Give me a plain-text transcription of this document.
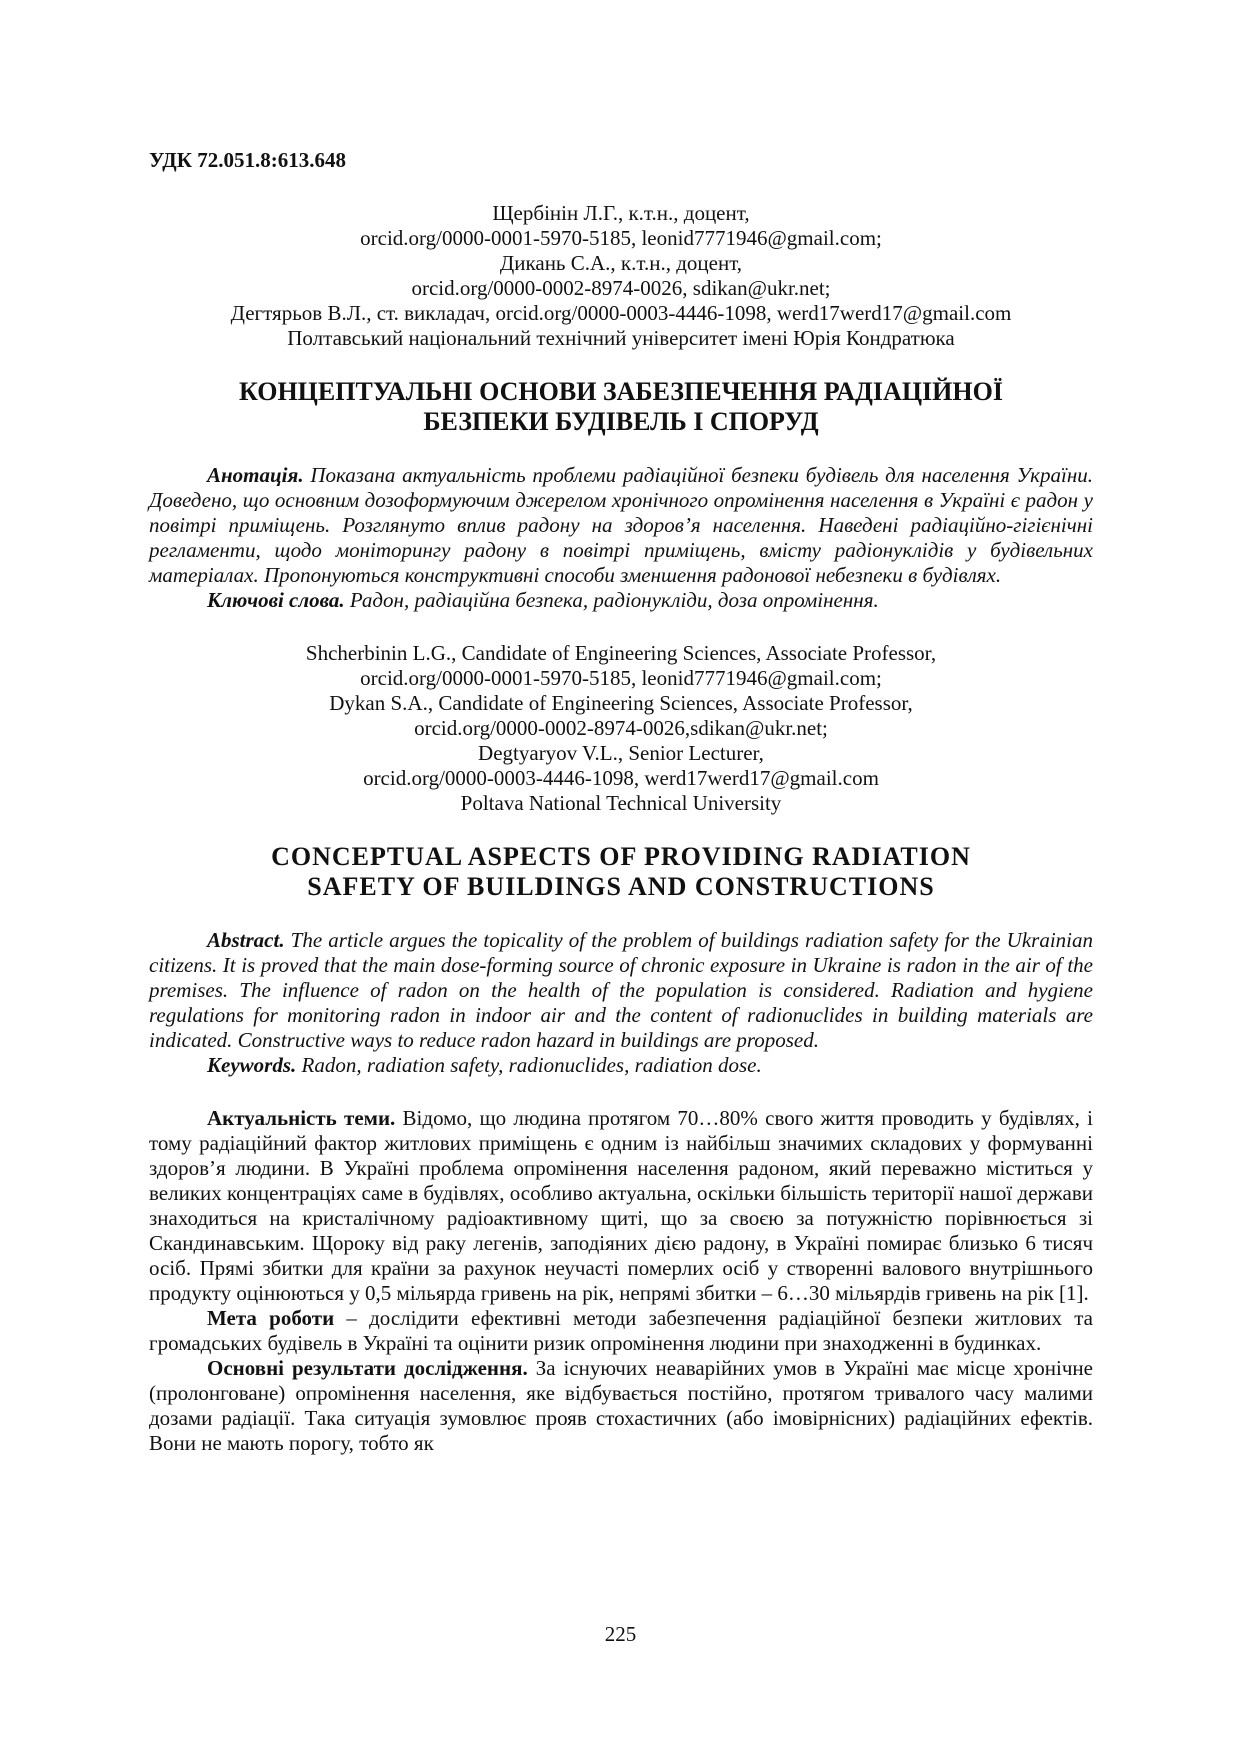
УДК 72.051.8:613.648

Щербінін Л.Г., к.т.н., доцент,

orcid.org/0000-0001-5970-5185, leonid7771946@gmail.com;

Дикань С.А., к.т.н., доцент,

orcid.org/0000-0002-8974-0026, sdikan@ukr.net;

Дегтярьов В.Л., ст. викладач, orcid.org/0000-0003-4446-1098, werd17werd17@gmail.com

Полтавський національний технічний університет імені Юрія Кондратюка

КОНЦЕПТУАЛЬНІ ОСНОВИ ЗАБЕЗПЕЧЕННЯ РАДІАЦІЙНОЇ

БЕЗПЕКИ БУДІВЕЛЬ І СПОРУД

Анотація. Показана актуальність проблеми радіаційної безпеки будівель для населення України. Доведено, що основним дозоформуючим джерелом хронічного опромінення населення в Україні є радон у повітрі приміщень. Розглянуто вплив радону на здоров’я населення. Наведені радіаційно-гігієнічні регламенти, щодо моніторингу радону в повітрі приміщень, вмісту радіонуклідів у будівельних матеріалах. Пропонуються конструктивні способи зменшення радонової небезпеки в будівлях.

Ключові слова. Радон, радіаційна безпека, радіонукліди, доза опромінення.

Shcherbinin L.G., Candidate of Engineering Sciences, Associate Professor,

orcid.org/0000-0001-5970-5185, leonid7771946@gmail.com;

Dykan S.A., Candidate of Engineering Sciences, Associate Professor,

orcid.org/0000-0002-8974-0026,sdikan@ukr.net;

Degtyaryov V.L., Senior Lecturer,

orcid.org/0000-0003-4446-1098, werd17werd17@gmail.com

Poltava National Technical University

CONCEPTUAL ASPECTS OF PROVIDING RADIATION

SAFETY OF BUILDINGS AND CONSTRUCTIONS

Abstract. The article argues the topicality of the problem of buildings radiation safety for the Ukrainian citizens. It is proved that the main dose-forming source of chronic exposure in Ukraine is radon in the air of the premises. The influence of radon on the health of the population is considered. Radiation and hygiene regulations for monitoring radon in indoor air and the content of radionuclides in building materials are indicated. Constructive ways to reduce radon hazard in buildings are proposed.

Keywords. Radon, radiation safety, radionuclides, radiation dose.

Актуальність теми. Відомо, що людина протягом 70…80% свого життя проводить у будівлях, і тому радіаційний фактор житлових приміщень є одним із найбільш значимих складових у формуванні здоров’я людини. В Україні проблема опромінення населення радоном, який переважно міститься у великих концентраціях саме в будівлях, особливо актуальна, оскільки більшість території нашої держави знаходиться на кристалічному радіоактивному щиті, що за своєю за потужністю порівнюється зі Скандинавським. Щороку від раку легенів, заподіяних дією радону, в Україні помирає близько 6 тисяч осіб. Прямі збитки для країни за рахунок неучасті померлих осіб у створенні валового внутрішнього продукту оцінюються у 0,5 мільярда гривень на рік, непрямі збитки – 6…30 мільярдів гривень на рік [1].

Мета роботи – дослідити ефективні методи забезпечення радіаційної безпеки житлових та громадських будівель в Україні та оцінити ризик опромінення людини при знаходженні в будинках.

Основні результати дослідження. За існуючих неаварійних умов в Україні має місце хронічне (пролонговане) опромінення населення, яке відбувається постійно, протягом тривалого часу малими дозами радіації. Така ситуація зумовлює прояв стохастичних (або імовірнісних) радіаційних ефектів. Вони не мають порогу, тобто як

225
